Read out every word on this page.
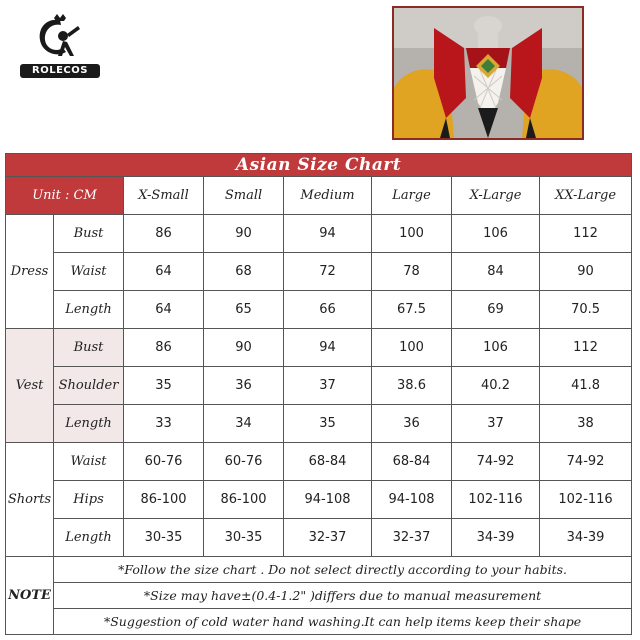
ROLECOS
Asian Size Chart							
Unit : CM		X-Small	Small	Medium	Large	X-Large	XX-Large
Dress	Bust	86	90	94	100	106	112
	Waist	64	68	72	78	84	90
	Length	64	65	66	67.5	69	70.5
Vest	Bust	86	90	94	100	106	112
	Shoulder	35	36	37	38.6	40.2	41.8
	Length	33	34	35	36	37	38
Shorts	Waist	60-76	60-76	68-84	68-84	74-92	74-92
	Hips	86-100	86-100	94-108	94-108	102-116	102-116
	Length	30-35	30-35	32-37	32-37	34-39	34-39
NOTE	*Follow the size chart . Do not select directly according to your habits.						
	*Size may have±(0.4-1.2" )differs due to manual measurement						
	*Suggestion of cold water hand washing.It can help items keep their shape						
